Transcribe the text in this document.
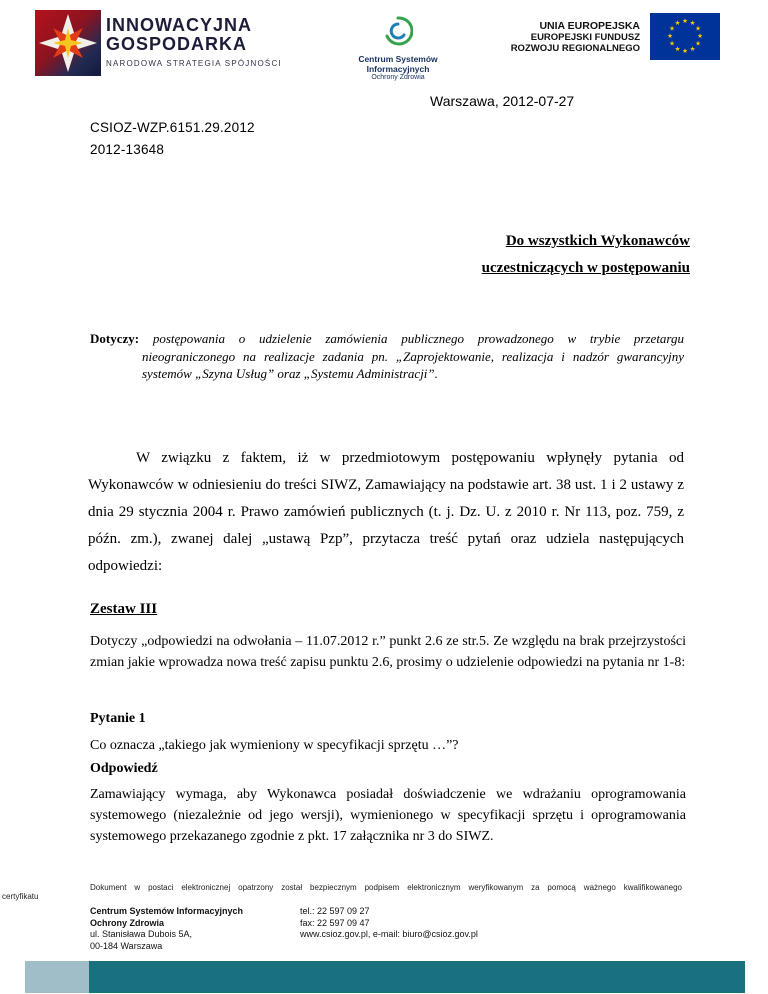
INNOWACYJNA
GOSPODARKA
NARODOWA STRATEGIA SPÓJNOŚCI	Centrum Systemów Informacyjnych
Ochrony Zdrowia
UNIA EUROPEJSKA
EUROPEJSKI FUNDUSZ
ROZWOJU REGIONALNEGO
★ ★
★
★
★
★
★
★
★
★
★
★
Warszawa, 2012-07-27
CSIOZ-WZP.6151.29.2012
2012-13648
Do wszystkich Wykonawców
uczestniczących w postępowaniu

Dotyczy: postępowania o udzielenie zamówienia publicznego prowadzonego w trybie przetargu nieograniczonego na realizacje zadania pn. „Zaprojektowanie, realizacja i nadzór gwarancyjny systemów „Szyna Usług” oraz „Systemu Administracji”.

W związku z faktem, iż w przedmiotowym postępowaniu wpłynęły pytania od Wykonawców w odniesieniu do treści SIWZ, Zamawiający na podstawie art. 38 ust. 1 i 2 ustawy z dnia 29 stycznia 2004 r. Prawo zamówień publicznych (t. j. Dz. U. z 2010 r. Nr 113, poz. 759, z późn. zm.), zwanej dalej „ustawą Pzp”, przytacza treść pytań oraz udziela następujących odpowiedzi:

Zestaw III

Dotyczy „odpowiedzi na odwołania – 11.07.2012 r.” punkt 2.6 ze str.5. Ze względu na brak przejrzystości zmian jakie wprowadza nowa treść zapisu punktu 2.6, prosimy o udzielenie odpowiedzi na pytania nr 1-8:

Pytanie 1
Co oznacza „takiego jak wymieniony w specyfikacji sprzętu …”?
Odpowiedź

Zamawiający wymaga, aby Wykonawca posiadał doświadczenie we wdrażaniu oprogramowania systemowego (niezależnie od jego wersji), wymienionego w specyfikacji sprzętu i oprogramowania systemowego przekazanego zgodnie z pkt. 17 załącznika nr 3 do SIWZ.

Dokument w postaci elektronicznej opatrzony został bezpiecznym podpisem elektronicznym weryfikowanym za pomocą ważnego kwalifikowanego
certyfikatu
Centrum Systemów Informacyjnych
Ochrony Zdrowia
ul. Stanisława Dubois 5A,
00-184 Warszawa
tel.: 22 597 09 27
fax: 22 597 09 47
www.csioz.gov.pl, e-mail: biuro@csioz.gov.pl
